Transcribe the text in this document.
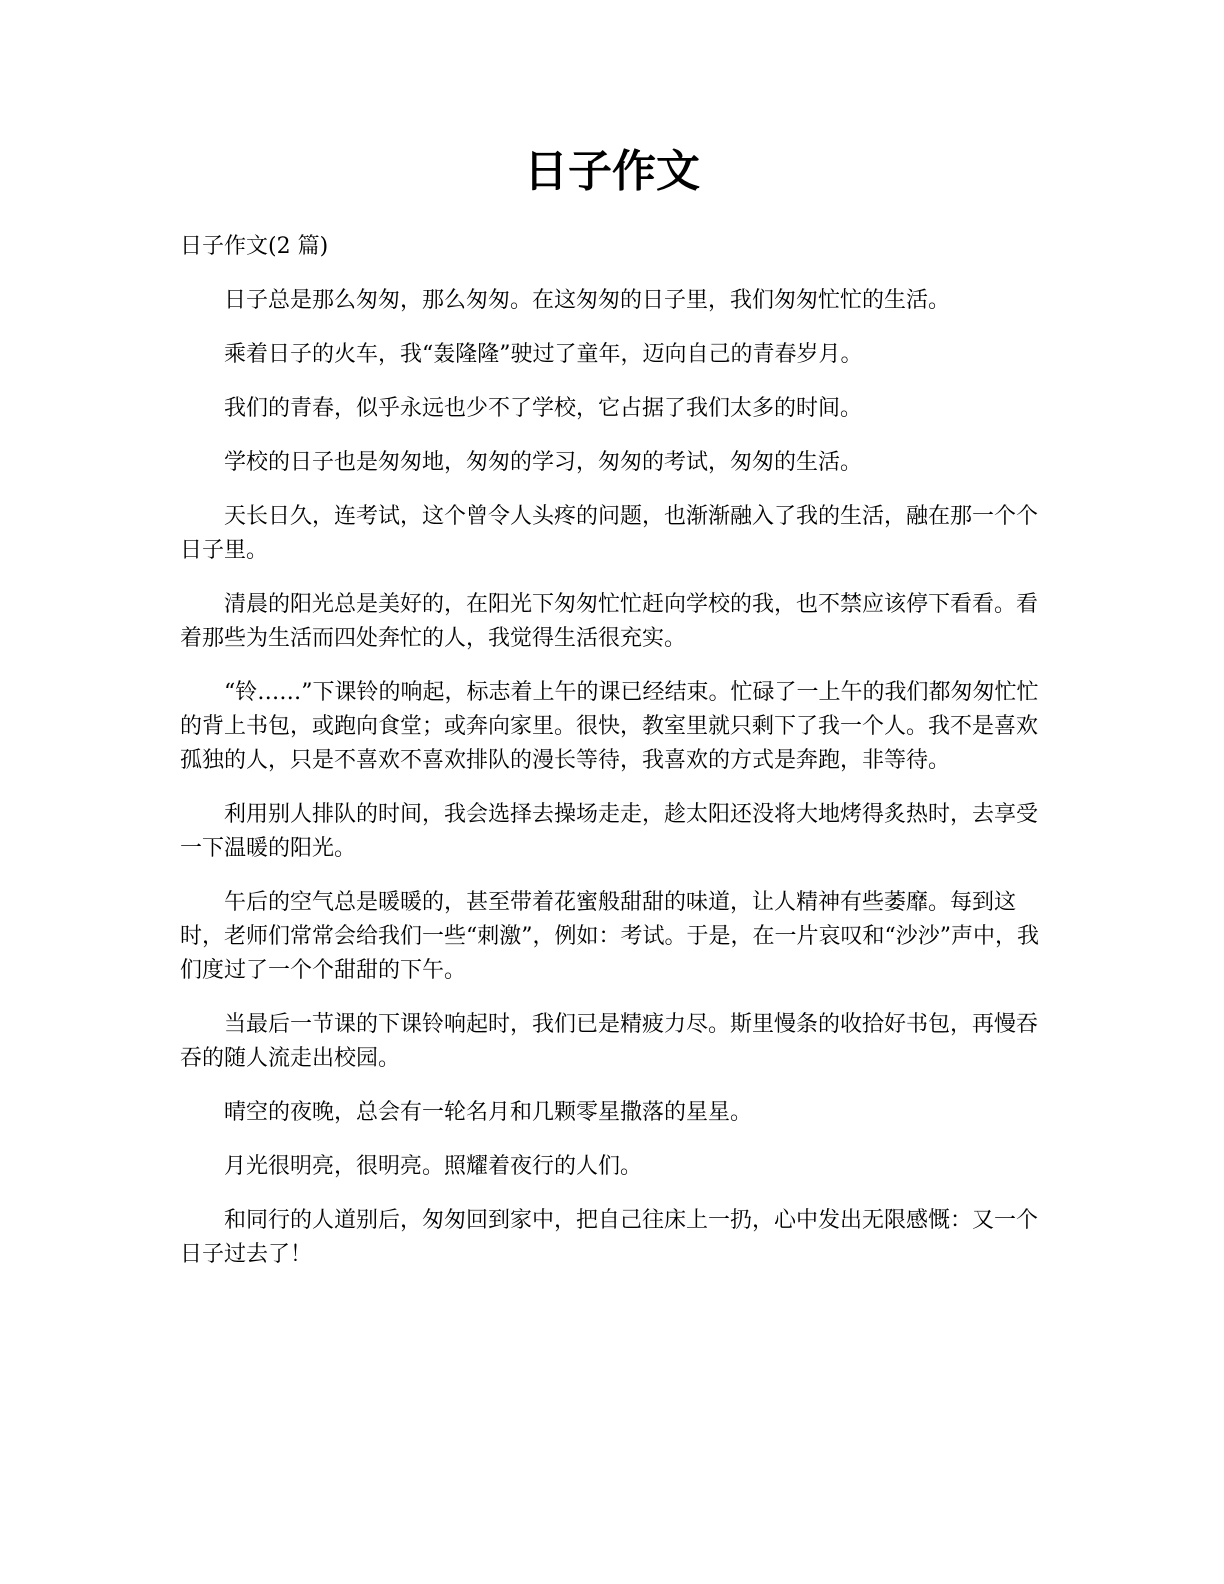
日子作文

日子作文(2 篇)

日子总是那么匆匆，那么匆匆。在这匆匆的日子里，我们匆匆忙忙的生活。

乘着日子的火车，我“轰隆隆”驶过了童年，迈向自己的青春岁月。

我们的青春，似乎永远也少不了学校，它占据了我们太多的时间。

学校的日子也是匆匆地，匆匆的学习，匆匆的考试，匆匆的生活。

天长日久，连考试，这个曾令人头疼的问题，也渐渐融入了我的生活，融在那一个个日子里。

清晨的阳光总是美好的，在阳光下匆匆忙忙赶向学校的我，也不禁应该停下看看。看着那些为生活而四处奔忙的人，我觉得生活很充实。

“铃……”下课铃的响起，标志着上午的课已经结束。忙碌了一上午的我们都匆匆忙忙的背上书包，或跑向食堂；或奔向家里。很快，教室里就只剩下了我一个人。我不是喜欢孤独的人，只是不喜欢不喜欢排队的漫长等待，我喜欢的方式是奔跑，非等待。

利用别人排队的时间，我会选择去操场走走，趁太阳还没将大地烤得炙热时，去享受一下温暖的阳光。

午后的空气总是暖暖的，甚至带着花蜜般甜甜的味道，让人精神有些萎靡。每到这时，老师们常常会给我们一些“刺激”，例如：考试。于是，在一片哀叹和“沙沙”声中，我们度过了一个个甜甜的下午。

当最后一节课的下课铃响起时，我们已是精疲力尽。斯里慢条的收拾好书包，再慢吞吞的随人流走出校园。

晴空的夜晚，总会有一轮名月和几颗零星撒落的星星。

月光很明亮，很明亮。照耀着夜行的人们。

和同行的人道别后，匆匆回到家中，把自己往床上一扔，心中发出无限感慨：又一个日子过去了！
